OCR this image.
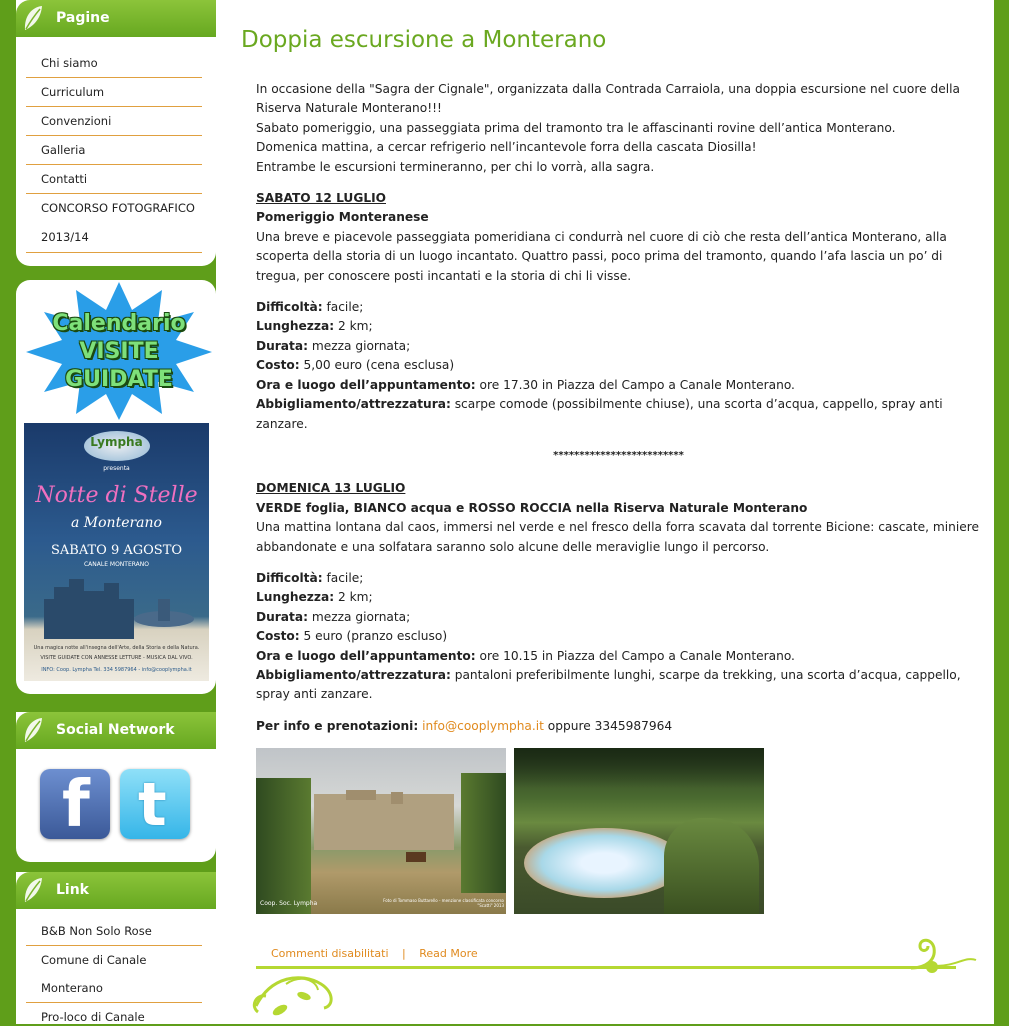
Pagine
Chi siamo
Curriculum
Convenzioni
Galleria
Contatti
CONCORSO FOTOGRAFICO 2013/14
Calendario
VISITE
GUIDATE
Lympha
presenta
Notte di Stelle
a Monterano
SABATO 9 AGOSTO
CANALE MONTERANO
Una magica notte all'insegna dell'Arte, della Storia e della Natura.
VISITE GUIDATE CON ANNESSE LETTURE - MUSICA DAL VIVO.
INFO: Coop. Lympha Tel. 334 5987964 - info@cooplympha.it
Social Network
f t
Link
B&B Non Solo Rose
Comune di Canale Monterano
Pro-loco di Canale
Doppia escursione a Monterano

In occasione della "Sagra der Cignale", organizzata dalla Contrada Carraiola, una doppia escursione nel cuore della Riserva Naturale Monterano!!!
Sabato pomeriggio, una passeggiata prima del tramonto tra le affascinanti rovine dell’antica Monterano.
Domenica mattina, a cercar refrigerio nell’incantevole forra della cascata Diosilla!
Entrambe le escursioni termineranno, per chi lo vorrà, alla sagra.

SABATO 12 LUGLIO
Pomeriggio Monteranese
Una breve e piacevole passeggiata pomeridiana ci condurrà nel cuore di ciò che resta dell’antica Monterano, alla scoperta della storia di un luogo incantato. Quattro passi, poco prima del tramonto, quando l’afa lascia un po’ di tregua, per conoscere posti incantati e la storia di chi li visse.

Difficoltà: facile;
Lunghezza: 2 km;
Durata: mezza giornata;
Costo: 5,00 euro (cena esclusa)
Ora e luogo dell’appuntamento: ore 17.30 in Piazza del Campo a Canale Monterano.
Abbigliamento/attrezzatura: scarpe comode (possibilmente chiuse), una scorta d’acqua, cappello, spray anti zanzare.

*************************

DOMENICA 13 LUGLIO
VERDE foglia, BIANCO acqua e ROSSO ROCCIA nella Riserva Naturale Monterano
Una mattina lontana dal caos, immersi nel verde e nel fresco della forra scavata dal torrente Bicione: cascate, miniere abbandonate e una solfatara saranno solo alcune delle meraviglie lungo il percorso.

Difficoltà: facile;
Lunghezza: 2 km;
Durata: mezza giornata;
Costo: 5 euro (pranzo escluso)
Ora e luogo dell’appuntamento: ore 10.15 in Piazza del Campo a Canale Monterano.
Abbigliamento/attrezzatura: pantaloni preferibilmente lunghi, scarpe da trekking, una scorta d’acqua, cappello, spray anti zanzare.

Per info e prenotazioni: info@cooplympha.it oppure 3345987964

Coop. Soc. Lympha	Foto di Tommaso Buttarello - menzione classificata concorso "Scatti" 2013
Commenti disabilitati | Read More
